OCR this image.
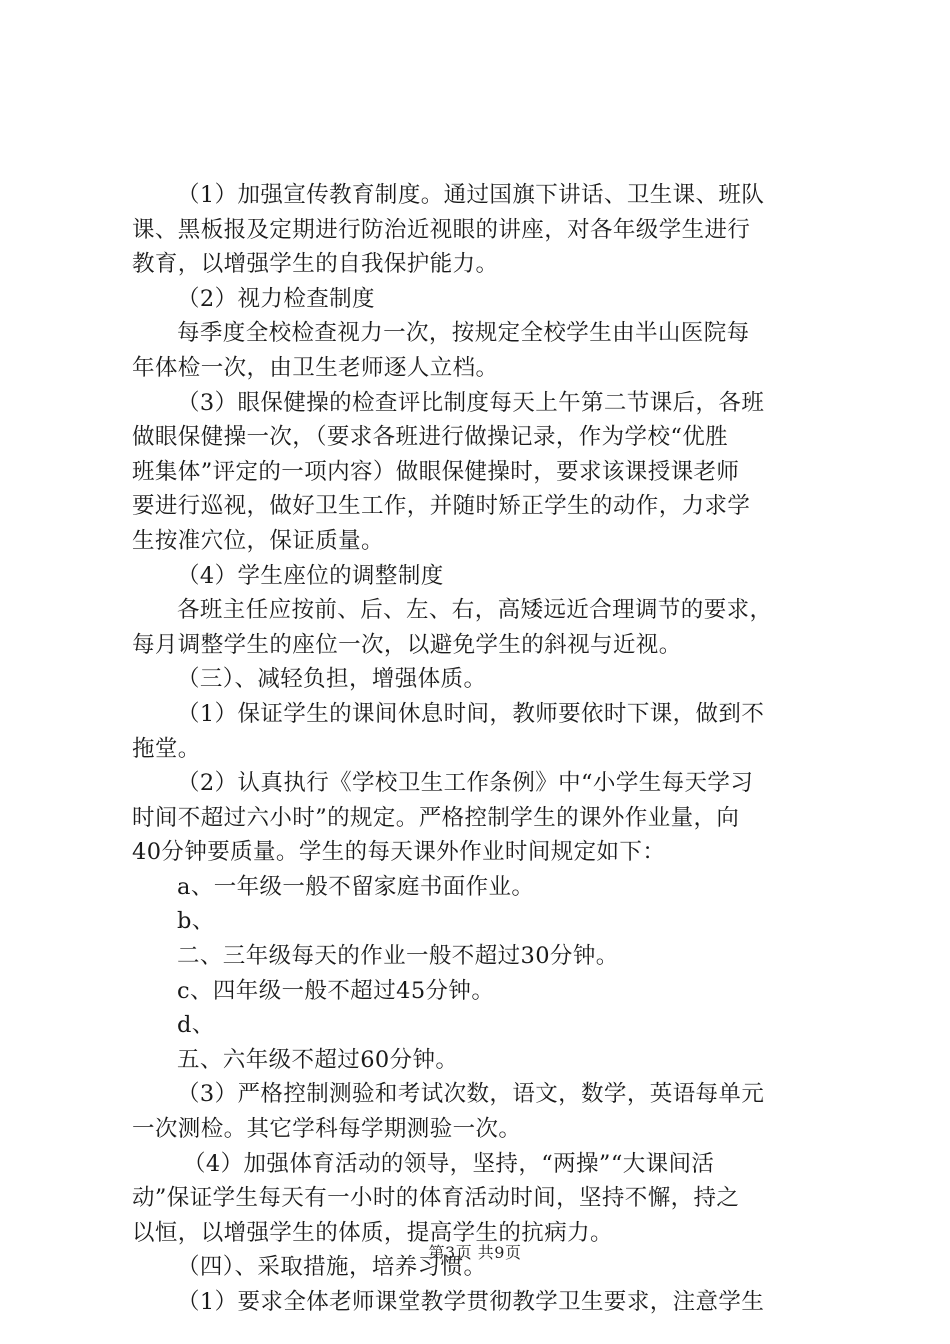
（1）加强宣传教育制度。通过国旗下讲话、卫生课、班队
课、黑板报及定期进行防治近视眼的讲座，对各年级学生进行
教育，以增强学生的自我保护能力。
（2）视力检查制度
每季度全校检查视力一次，按规定全校学生由半山医院每
年体检一次，由卫生老师逐人立档。
（3）眼保健操的检查评比制度每天上午第二节课后，各班
做眼保健操一次，（要求各班进行做操记录，作为学校“优胜
班集体”评定的一项内容）做眼保健操时，要求该课授课老师
要进行巡视，做好卫生工作，并随时矫正学生的动作，力求学
生按准穴位，保证质量。
（4）学生座位的调整制度
各班主任应按前、后、左、右，高矮远近合理调节的要求，
每月调整学生的座位一次，以避免学生的斜视与近视。
（三）、减轻负担，增强体质。
（1）保证学生的课间休息时间，教师要依时下课，做到不
拖堂。
（2）认真执行《学校卫生工作条例》中“小学生每天学习
时间不超过六小时”的规定。严格控制学生的课外作业量，向
40分钟要质量。学生的每天课外作业时间规定如下：
a、一年级一般不留家庭书面作业。
b、
二、三年级每天的作业一般不超过30分钟。
c、四年级一般不超过45分钟。
d、
五、六年级不超过60分钟。
（3）严格控制测验和考试次数，语文，数学，英语每单元
一次测检。其它学科每学期测验一次。
（4）加强体育活动的领导，坚持，“两操”“大课间活
动”保证学生每天有一小时的体育活动时间，坚持不懈，持之
以恒，以增强学生的体质，提高学生的抗病力。
（四）、采取措施，培养习惯。
（1）要求全体老师课堂教学贯彻教学卫生要求，注意学生
第3页 共9页
